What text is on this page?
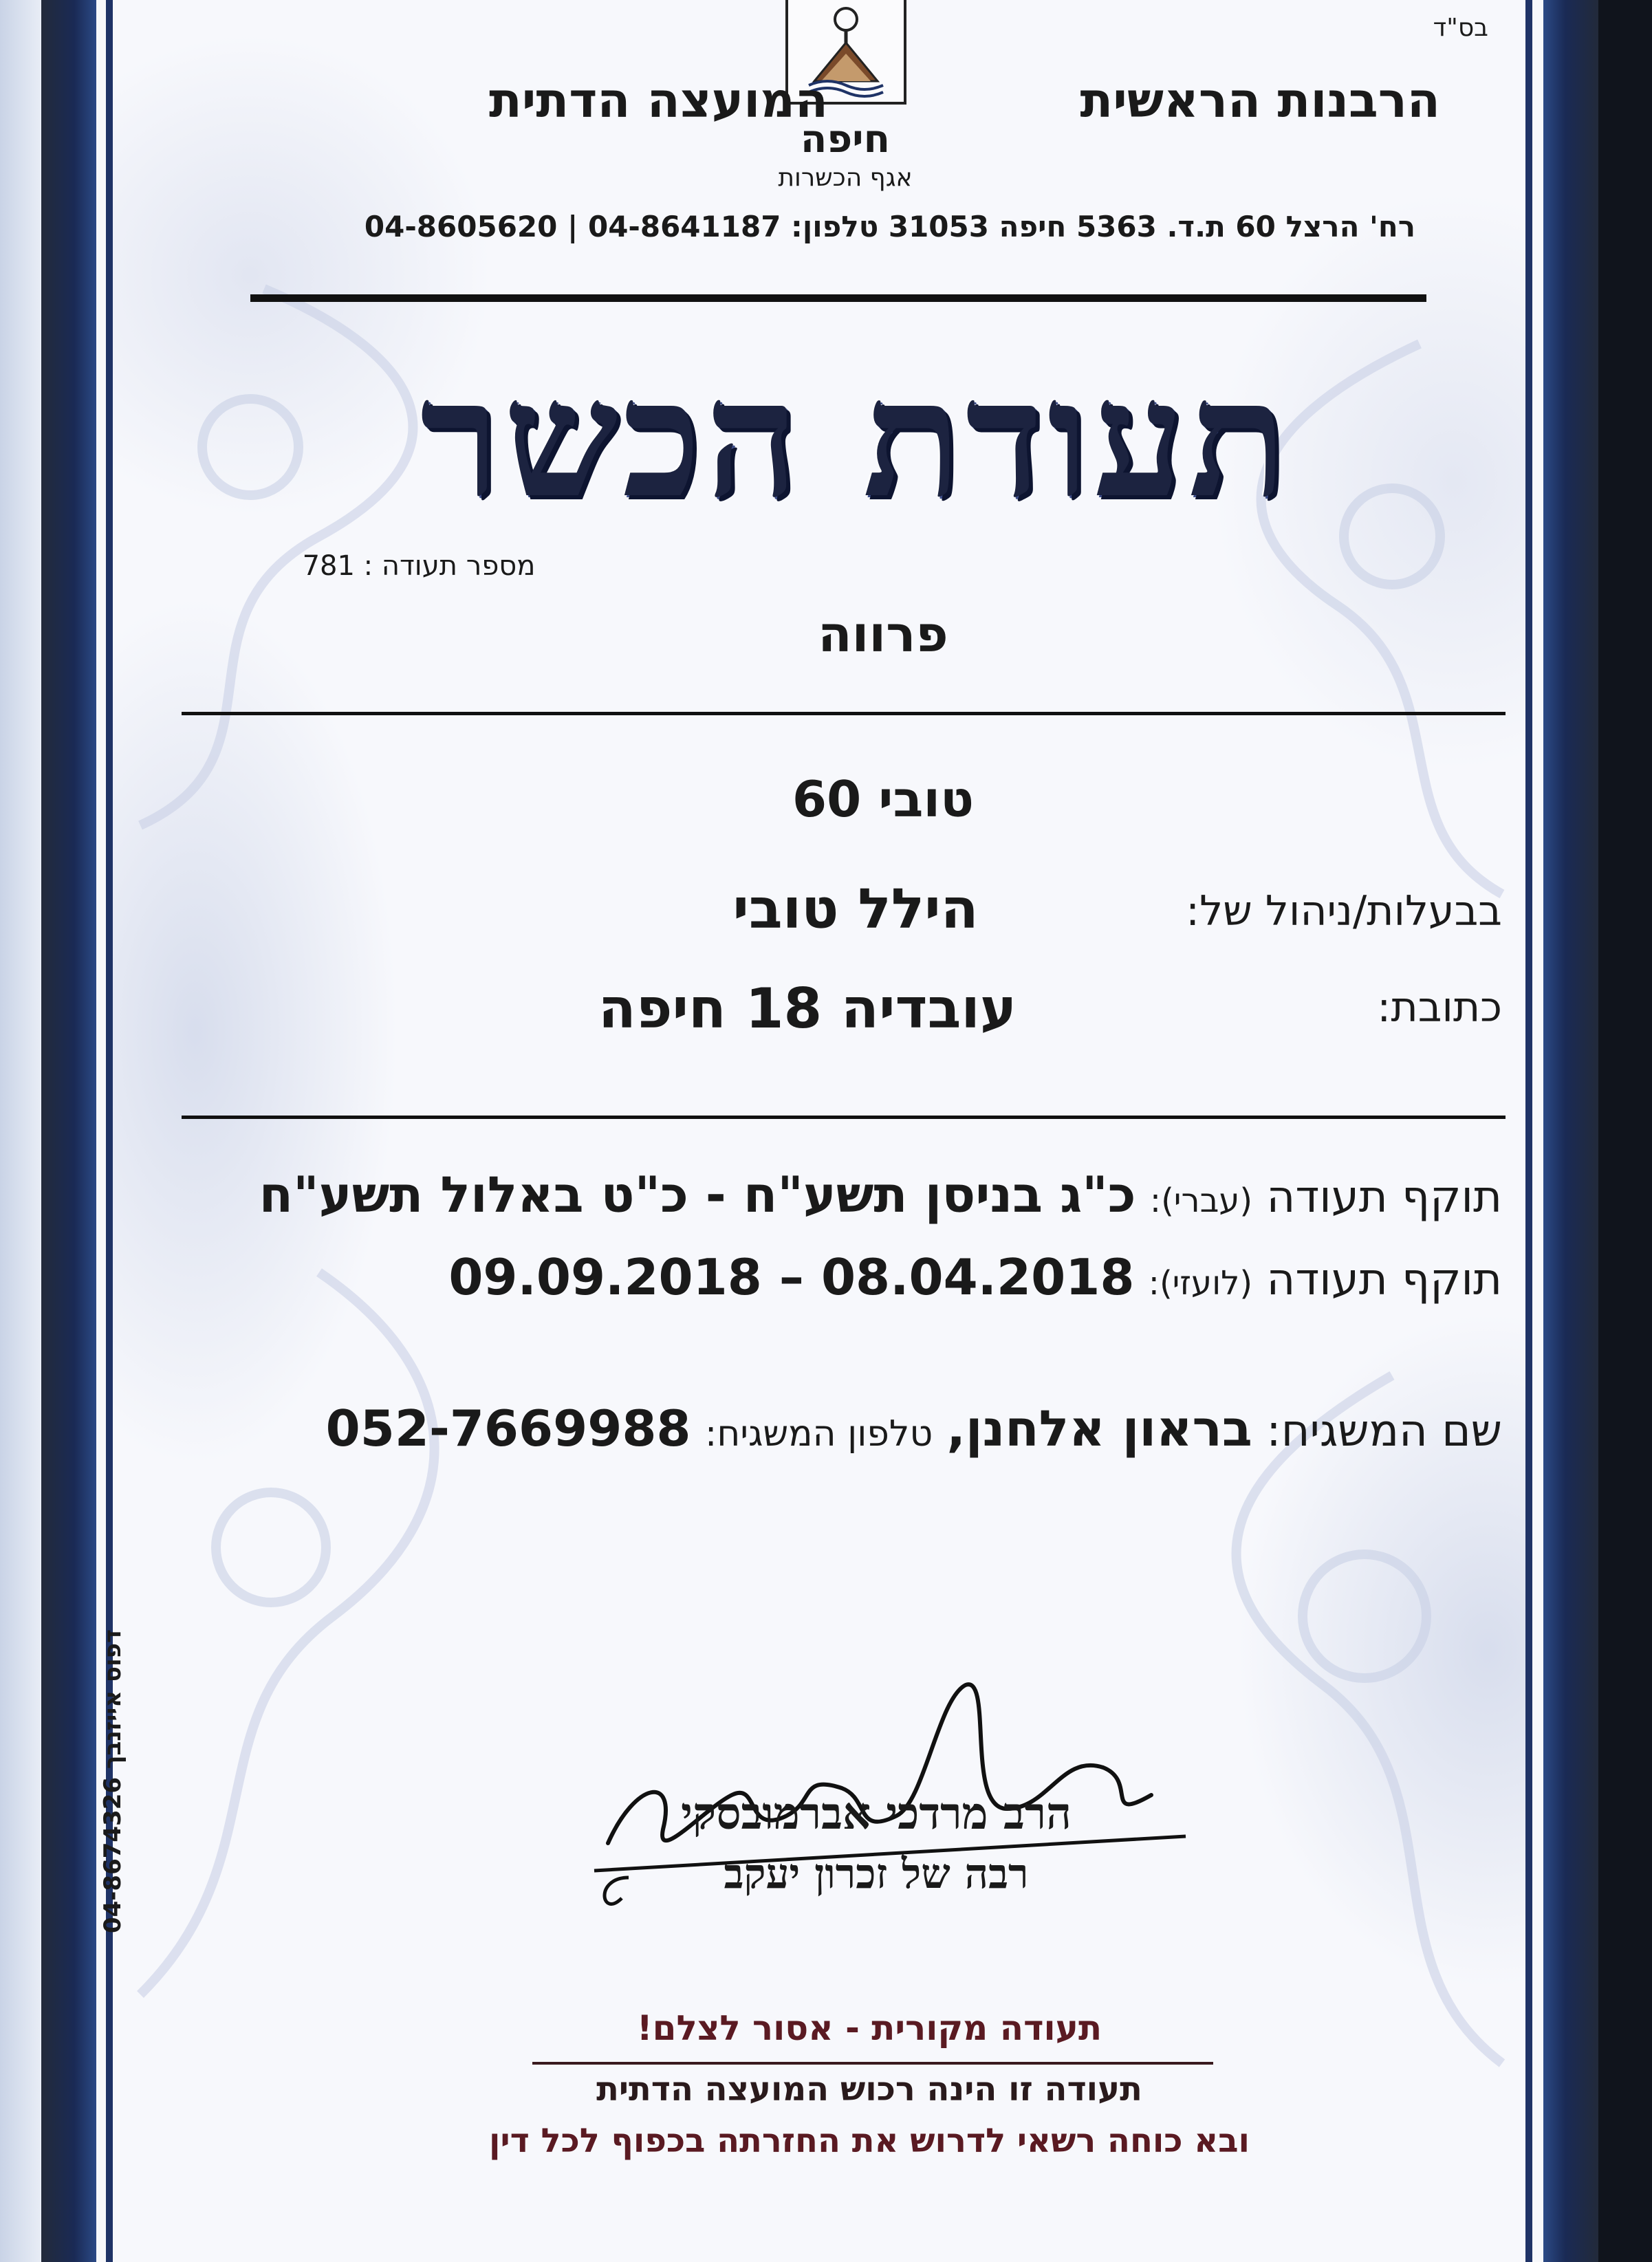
בס"ד
הרבנות הראשית
המועצה הדתית
חיפה
אגף הכשרות
רח' הרצל 60 ת.ד. 5363 חיפה 31053 טלפון: 04-8641187 | 04-8605620
תעודת הכשר
מספר תעודה : 781
פרווה
טובי 60
בבעלות/ניהול של:
הילל טובי
כתובת:
עובדיה 18 חיפה
תוקף תעודה (עברי): כ"ג בניסן תשע"ח - כ"ט באלול תשע"ח
תוקף תעודה (לועזי): 08.04.2018 – 09.09.2018
שם המשגיח: בראון אלחנן, טלפון המשגיח: 052-7669988
הרב מרדכי אברמובסקי
רבה של זכרון יעקב
תעודה מקורית - אסור לצלם!
תעודה זו הינה רכוש המועצה הדתית
ובא כוחה רשאי לדרוש את החזרתה בכפוף לכל דין
דפוס אייזנבך 04-8674326
